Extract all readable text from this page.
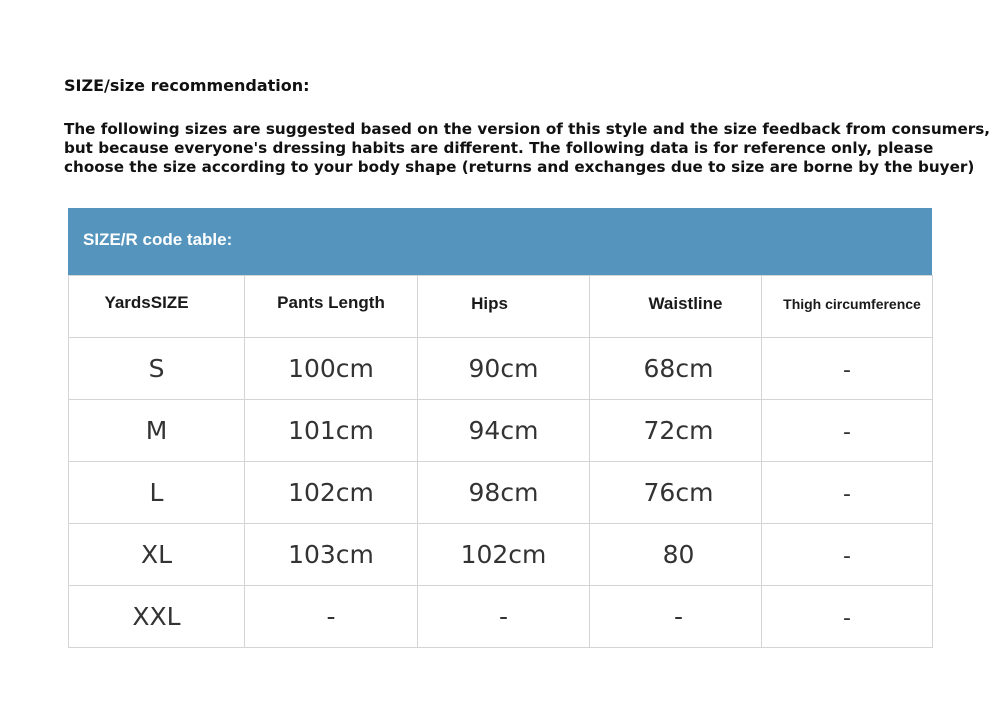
SIZE/size recommendation:

The following sizes are suggested based on the version of this style and the size feedback from consumers,
but because everyone's dressing habits are different. The following data is for reference only, please
choose the size according to your body shape (returns and exchanges due to size are borne by the buyer)

SIZE/R code table:
YardsSIZE	Pants Length	Hips	Waistline	Thigh circumference
S	100cm	90cm	68cm	-
M	101cm	94cm	72cm	-
L	102cm	98cm	76cm	-
XL	103cm	102cm	80	-
XXL	-	-	-	-
